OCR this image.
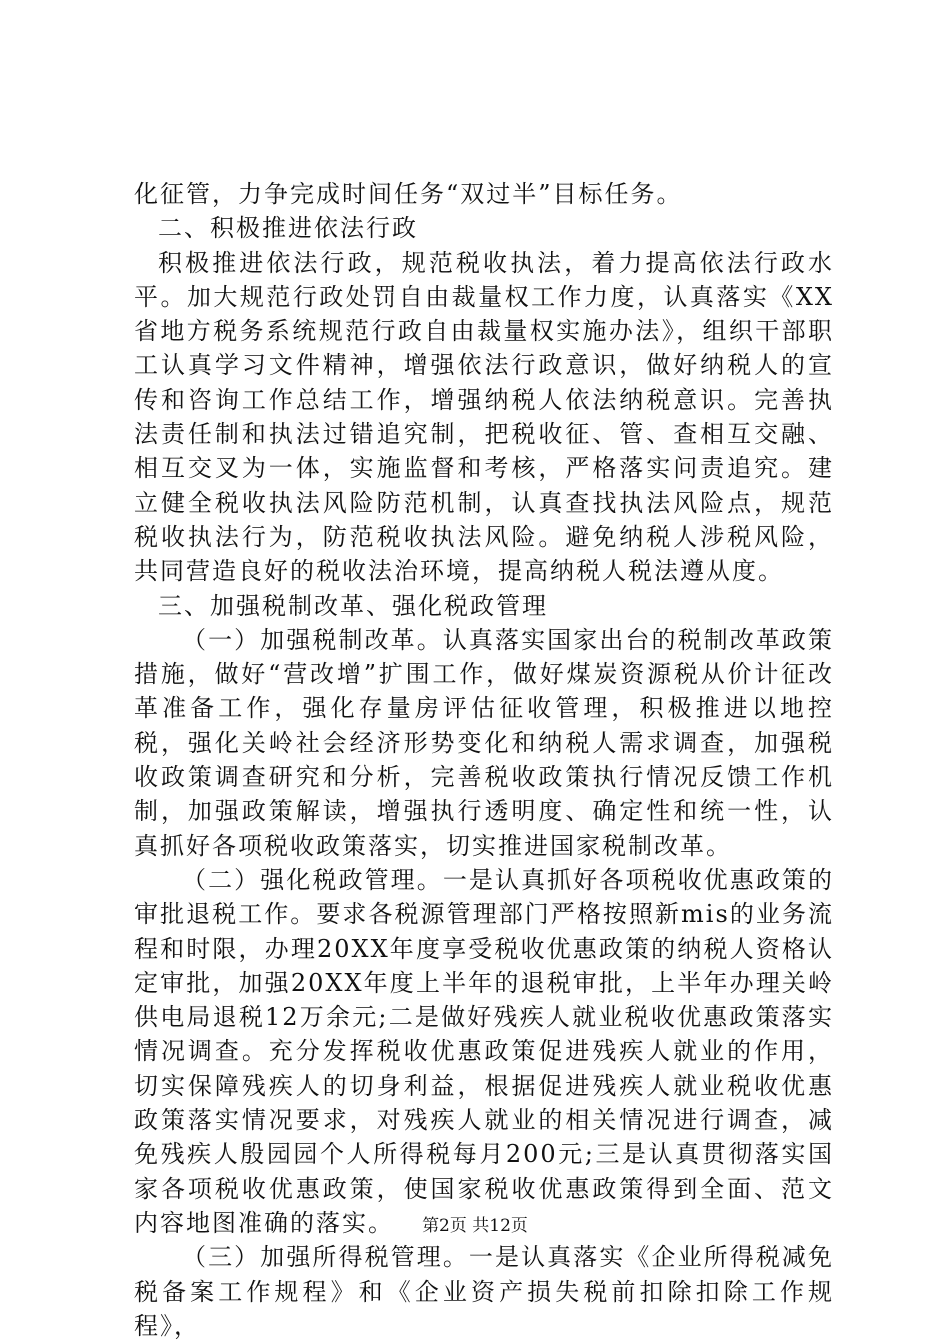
化征管，力争完成时间任务“双过半”目标任务。

二、积极推进依法行政

积极推进依法行政，规范税收执法，着力提高依法行政水平。加大规范行政处罚自由裁量权工作力度，认真落实《XX省地方税务系统规范行政自由裁量权实施办法》，组织干部职工认真学习文件精神，增强依法行政意识，做好纳税人的宣传和咨询工作总结工作，增强纳税人依法纳税意识。完善执法责任制和执法过错追究制，把税收征、管、查相互交融、相互交叉为一体，实施监督和考核，严格落实问责追究。建立健全税收执法风险防范机制，认真查找执法风险点，规范税收执法行为，防范税收执法风险。避免纳税人涉税风险，共同营造良好的税收法治环境，提高纳税人税法遵从度。

三、加强税制改革、强化税政管理

（一）加强税制改革。认真落实国家出台的税制改革政策措施，做好“营改增”扩围工作，做好煤炭资源税从价计征改革准备工作，强化存量房评估征收管理，积极推进以地控税，强化关岭社会经济形势变化和纳税人需求调查，加强税收政策调查研究和分析，完善税收政策执行情况反馈工作机制，加强政策解读，增强执行透明度、确定性和统一性，认真抓好各项税收政策落实，切实推进国家税制改革。

（二）强化税政管理。一是认真抓好各项税收优惠政策的审批退税工作。要求各税源管理部门严格按照新mis的业务流程和时限，办理20XX年度享受税收优惠政策的纳税人资格认定审批，加强20XX年度上半年的退税审批，上半年办理关岭供电局退税12万余元;二是做好残疾人就业税收优惠政策落实情况调查。充分发挥税收优惠政策促进残疾人就业的作用，切实保障残疾人的切身利益，根据促进残疾人就业税收优惠政策落实情况要求，对残疾人就业的相关情况进行调查，减免残疾人殷园园个人所得税每月200元;三是认真贯彻落实国家各项税收优惠政策，使国家税收优惠政策得到全面、范文内容地图准确的落实。

（三）加强所得税管理。一是认真落实《企业所得税减免税备案工作规程》和《企业资产损失税前扣除扣除工作规程》，

第2页 共12页
